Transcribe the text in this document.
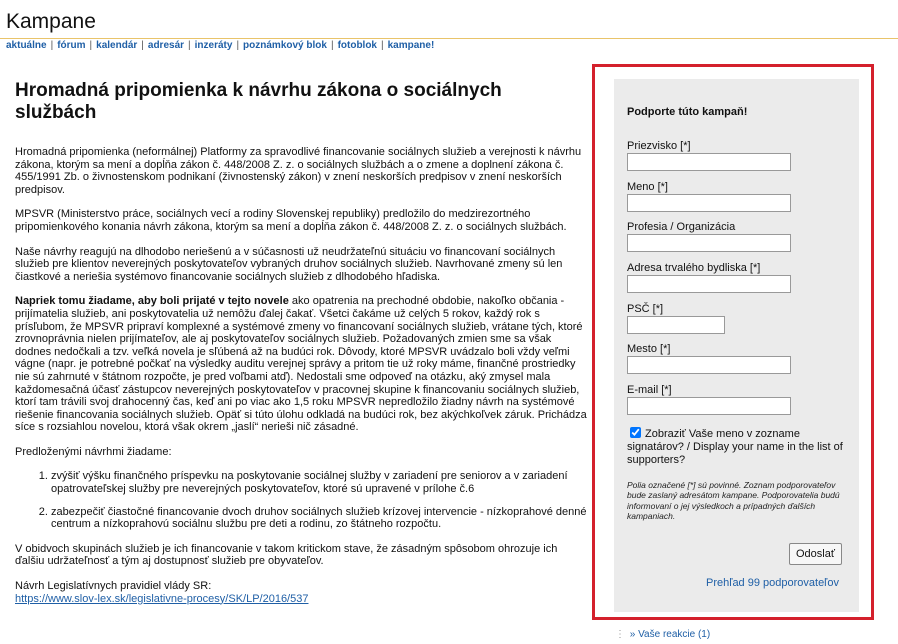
Kampane
aktuálne | fórum | kalendár | adresár | inzeráty | poznámkový blok | fotoblok | kampane!
Hromadná pripomienka k návrhu zákona o sociálnych službách

Hromadná pripomienka (neformálnej) Platformy za spravodlivé financovanie sociálnych služieb a verejnosti k návrhu zákona, ktorým sa mení a dopĺňa zákon č. 448/2008 Z. z. o sociálnych službách a o zmene a doplnení zákona č. 455/1991 Zb. o živnostenskom podnikaní (živnostenský zákon) v znení neskorších predpisov v znení neskorších predpisov.

MPSVR (Ministerstvo práce, sociálnych vecí a rodiny Slovenskej republiky) predložilo do medzirezortného pripomienkového konania návrh zákona, ktorým sa mení a dopĺňa zákon č. 448/2008 Z. z. o sociálnych službách.

Naše návrhy reagujú na dlhodobo neriešenú a v súčasnosti už neudržateľnú situáciu vo financovaní sociálnych služieb pre klientov neverejných poskytovateľov vybraných druhov sociálnych služieb. Navrhované zmeny sú len čiastkové a neriešia systémovo financovanie sociálnych služieb z dlhodobého hľadiska.

Napriek tomu žiadame, aby boli prijaté v tejto novele ako opatrenia na prechodné obdobie, nakoľko občania - prijímatelia služieb, ani poskytovatelia už nemôžu ďalej čakať. Všetci čakáme už celých 5 rokov, každý rok s prísľubom, že MPSVR pripraví komplexné a systémové zmeny vo financovaní sociálnych služieb, vrátane tých, ktoré zrovnoprávnia nielen prijímateľov, ale aj poskytovateľov sociálnych služieb. Požadovaných zmien sme sa však dodnes nedočkali a tzv. veľká novela je sľúbená až na budúci rok. Dôvody, ktoré MPSVR uvádzalo boli vždy veľmi vágne (napr. je potrebné počkať na výsledky auditu verejnej správy a pritom tie už roky máme, finančné prostriedky nie sú zahrnuté v štátnom rozpočte, je pred voľbami atď). Nedostali sme odpoveď na otázku, aký zmysel mala každomesačná účasť zástupcov neverejných poskytovateľov v pracovnej skupine k financovaniu sociálnych služieb, ktorí tam trávili svoj drahocenný čas, keď ani po viac ako 1,5 roku MPSVR nepredložilo žiadny návrh na systémové riešenie financovania sociálnych služieb. Opäť si túto úlohu odkladá na budúci rok, bez akýchkoľvek záruk. Prichádza síce s rozsiahlou novelou, ktorá však okrem „jaslí“ nerieši nič zásadné.

Predloženými návrhmi žiadame:

1. zvýšiť výšku finančného príspevku na poskytovanie sociálnej služby v zariadení pre seniorov a v zariadení opatrovateľskej služby pre neverejných poskytovateľov, ktoré sú upravené v prílohe č.6
2. zabezpečiť čiastočné financovanie dvoch druhov sociálnych služieb krízovej intervencie - nízkoprahové denné centrum a nízkoprahovú sociálnu službu pre deti a rodinu, zo štátneho rozpočtu.

V obidvoch skupinách služieb je ich financovanie v takom kritickom stave, že zásadným spôsobom ohrozuje ich ďalšiu udržateľnosť a tým aj dostupnosť služieb pre obyvateľov.

Návrh Legislatívnych pravidiel vlády SR:
https://www.slov-lex.sk/legislativne-procesy/SK/LP/2016/537

Podporte túto kampaň!
Priezvisko [*]
Meno [*]
Profesia / Organizácia
Adresa trvalého bydliska [*]
PSČ [*]
Mesto [*]
E-mail [*]
Zobraziť Vaše meno v zozname signatárov? / Display your name in the list of supporters?
Polia označené [*] sú povinné. Zoznam podporovateľov bude zaslaný adresátom kampane. Podporovatelia budú informovaní o jej výsledkoch a prípadných ďalších kampaniach.
Odoslať
Prehľad 99 podporovateľov
⋮ » Vaše reakcie (1)
